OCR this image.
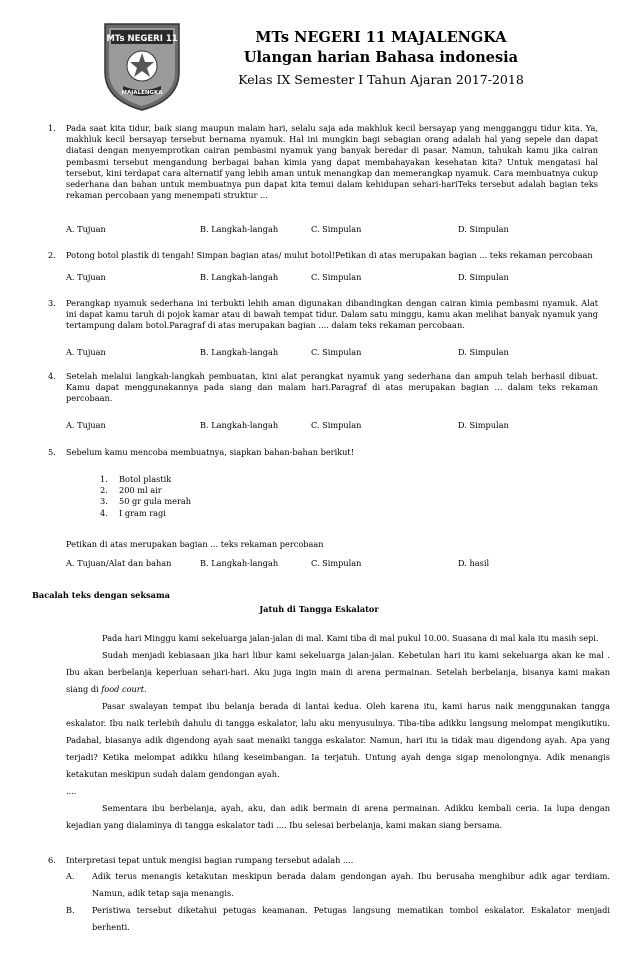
MTs NEGERI 11
MAJALENGKA
MTs NEGERI 11 MAJALENGKA
Ulangan harian Bahasa indonesia
Kelas IX Semester I Tahun Ajaran 2017-2018
1.	Pada saat kita tidur, baik siang maupun malam hari, selalu saja ada makhluk kecil bersayap yang mengganggu tidur kita. Ya, makhluk kecil bersayap tersebut bernama nyamuk. Hal ini mungkin bagi sebagian orang adalah hal yang sepele dan dapat diatasi dengan menyemprotkan cairan pembasmi nyamuk yang banyak beredar di pasar. Namun, tahukah kamu jika cairan pembasmi tersebut mengandung berbagai bahan kimia yang dapat membahayakan kesehatan kita? Untuk mengatasi hal tersebut, kini terdapat cara alternatif yang lebih aman untuk menangkap dan memerangkap nyamuk. Cara membuatnya cukup sederhana dan bahan untuk membuatnya pun dapat kita temui dalam kehidupan sehari-hariTeks tersebut adalah bagian teks rekaman percobaan yang menempati struktur ...
A. Tujuan	B. Langkah-langah	C. Simpulan	D. Simpulan
2.	Potong botol plastik di tengah! Simpan bagian atas/ mulut botol!Petikan di atas merupakan bagian ... teks rekaman percobaan
A. Tujuan	B. Langkah-langah	C. Simpulan	D. Simpulan
3.	Perangkap nyamuk sederhana ini terbukti lebih aman digunakan dibandingkan dengan cairan kimia pembasmi nyamuk. Alat ini dapat kamu taruh di pojok kamar atau di bawah tempat tidur. Dalam satu minggu, kamu akan melihat banyak nyamuk yang tertampung dalam botol.Paragraf di atas merupakan bagian .... dalam teks rekaman percobaan.
A. Tujuan	B. Langkah-langah	C. Simpulan	D. Simpulan
4.	Setelah melalui langkah-langkah pembuatan, kini alat perangkat nyamuk yang sederhana dan ampuh telah berhasil dibuat. Kamu dapat menggunakannya pada siang dan malam hari.Paragraf di atas merupakan bagian ... dalam teks rekaman percobaan.
A. Tujuan	B. Langkah-langah	C. Simpulan	D. Simpulan
5.	Sebelum kamu mencoba membuatnya, siapkan bahan-bahan berikut!
1. Botol plastik
2. 200 ml air
3. 50 gr gula merah
4. I gram ragi
Petikan di atas merupakan bagian ... teks rekaman percobaan
A. Tujuan/Alat dan bahan	B. Langkah-langah	C. Simpulan	D. hasil
Bacalah teks dengan seksama
Jatuh di Tangga Eskalator

Pada hari Minggu kami sekeluarga jalan-jalan di mal. Kami tiba di mal pukul 10.00. Suasana di mal kala itu masih sepi.

Sudah menjadi kebiasaan jika hari libur kami sekeluarga jalan-jalan. Kebetulan hari itu kami sekeluarga akan ke mal . Ibu akan berbelanja keperluan sehari-hari. Aku juga ingin main di arena permainan. Setelah berbelanja, bisanya kami makan siang di food court.

Pasar swalayan tempat ibu belanja berada di lantai kedua. Oleh karena itu, kami harus naik menggunakan tangga eskalator. Ibu naik terlebih dahulu di tangga eskalator, lalu aku menyusulnya. Tiba-tiba adikku langsung melompat mengikutiku. Padahal, biasanya adik digendong ayah saat menaiki tangga eskalator. Namun, hari itu ia tidak mau digendong ayah. Apa yang terjadi? Ketika melompat adikku hilang keseimbangan. Ia terjatuh. Untung ayah denga sigap menolongnya. Adik menangis ketakutan meskipun sudah dalam gendongan ayah.

....

Sementara ibu berbelanja, ayah, aku, dan adik bermain di arena permainan. Adikku kembali ceria. Ia lupa dengan kejadian yang dialaminya di tangga eskalator tadi .... Ibu selesai berbelanja, kami makan siang bersama.

6.	Interpretasi tepat untuk mengisi bagian rumpang tersebut adalah ....
A. Adik terus menangis ketakutan meskipun berada dalam gendongan ayah. Ibu berusaha menghibur adik agar terdiam. Namun, adik tetap saja menangis.
B. Peristiwa tersebut diketahui petugas keamanan. Petugas langsung mematikan tombol eskalator. Eskalator menjadi berhenti.
